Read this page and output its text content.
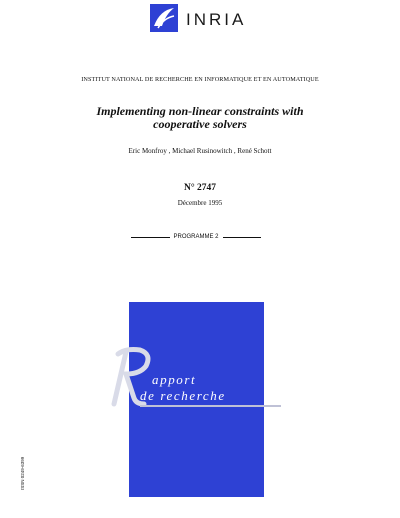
INRIA
INSTITUT NATIONAL DE RECHERCHE EN INFORMATIQUE ET EN AUTOMATIQUE
Implementing non-linear constraints with
cooperative solvers
Eric Monfroy , Michael Rusinowitch , René Schott
N° 2747
Décembre 1995
PROGRAMME 2
apport
de recherche
ISSN 0249-6399
